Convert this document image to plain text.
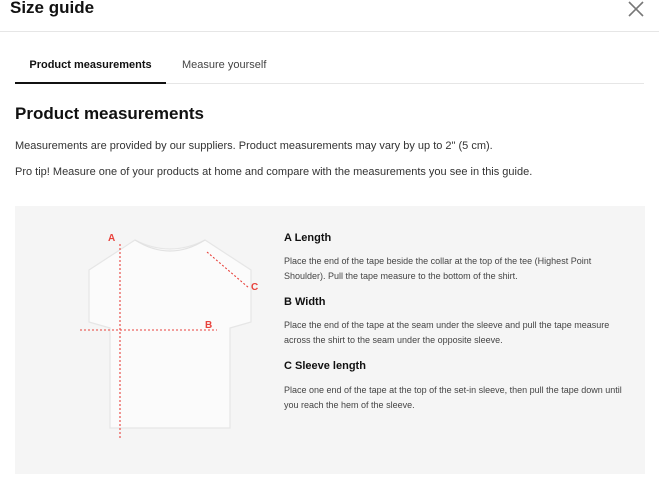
Size guide
Product measurements	Measure yourself
Product measurements
Measurements are provided by our suppliers. Product measurements may vary by up to 2" (5 cm).
Pro tip! Measure one of your products at home and compare with the measurements you see in this guide.
A
B
C
A Length
Place the end of the tape beside the collar at the top of the tee (Highest Point Shoulder). Pull the tape measure to the bottom of the shirt.
B Width
Place the end of the tape at the seam under the sleeve and pull the tape measure across the shirt to the seam under the opposite sleeve.
C Sleeve length
Place one end of the tape at the top of the set-in sleeve, then pull the tape down until you reach the hem of the sleeve.
